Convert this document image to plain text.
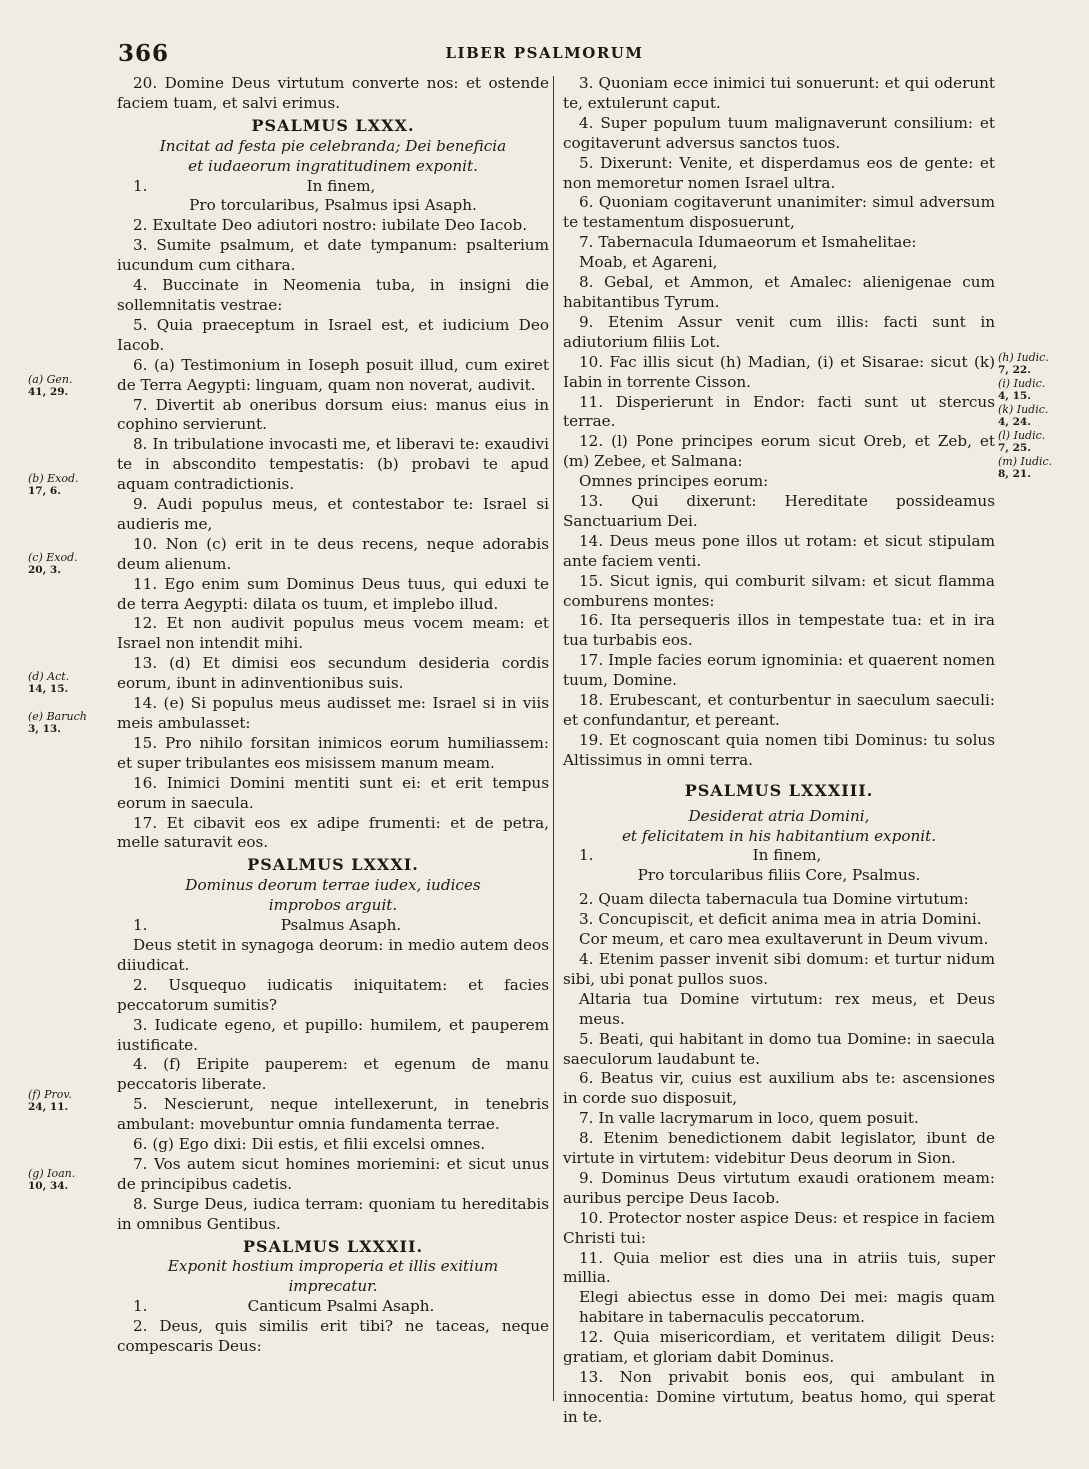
366	LIBER PSALMORUM

20. Domine Deus virtutum converte nos: et ostende faciem tuam, et salvi erimus.

PSALMUS LXXX.

Incitat ad festa pie celebranda; Dei beneficia

et iudaeorum ingratitudinem exponit.

1.	In finem,

Pro torcularibus, Psalmus ipsi Asaph.

2. Exultate Deo adiutori nostro: iubilate Deo Iacob.

3. Sumite psalmum, et date tympanum: psalterium iucundum cum cithara.

4. Buccinate in Neomenia tuba, in insigni die sollemnitatis vestrae:

5. Quia praeceptum in Israel est, et iudicium Deo Iacob.

6. (a) Testimonium in Ioseph posuit illud, cum exiret de Terra Aegypti: linguam, quam non noverat, audivit.

7. Divertit ab oneribus dorsum eius: manus eius in cophino servierunt.

8. In tribulatione invocasti me, et liberavi te: exaudivi te in abscondito tempestatis: (b) probavi te apud aquam contradictionis.

9. Audi populus meus, et contestabor te: Israel si audieris me,

10. Non (c) erit in te deus recens, neque adorabis deum alienum.

11. Ego enim sum Dominus Deus tuus, qui eduxi te de terra Aegypti: dilata os tuum, et implebo illud.

12. Et non audivit populus meus vocem meam: et Israel non intendit mihi.

13. (d) Et dimisi eos secundum desideria cordis eorum, ibunt in adinventionibus suis.

14. (e) Si populus meus audisset me: Israel si in viis meis ambulasset:

15. Pro nihilo forsitan inimicos eorum humiliassem: et super tribulantes eos misissem manum meam.

16. Inimici Domini mentiti sunt ei: et erit tempus eorum in saecula.

17. Et cibavit eos ex adipe frumenti: et de petra, melle saturavit eos.

PSALMUS LXXXI.

Dominus deorum terrae iudex, iudices

improbos arguit.

1.	Psalmus Asaph.

Deus stetit in synagoga deorum: in medio autem deos diiudicat.

2. Usquequo iudicatis iniquitatem: et facies peccatorum sumitis?

3. Iudicate egeno, et pupillo: humilem, et pauperem iustificate.

4. (f) Eripite pauperem: et egenum de manu peccatoris liberate.

5. Nescierunt, neque intellexerunt, in tenebris ambulant: movebuntur omnia fundamenta terrae.

6. (g) Ego dixi: Dii estis, et filii excelsi omnes.

7. Vos autem sicut homines moriemini: et sicut unus de principibus cadetis.

8. Surge Deus, iudica terram: quoniam tu hereditabis in omnibus Gentibus.

PSALMUS LXXXII.

Exponit hostium improperia et illis exitium

imprecatur.

1.	Canticum Psalmi Asaph.

2. Deus, quis similis erit tibi? ne taceas, neque compescaris Deus:

3. Quoniam ecce inimici tui sonuerunt: et qui oderunt te, extulerunt caput.

4. Super populum tuum malignaverunt consilium: et cogitaverunt adversus sanctos tuos.

5. Dixerunt: Venite, et disperdamus eos de gente: et non memoretur nomen Israel ultra.

6. Quoniam cogitaverunt unanimiter: simul adversum te testamentum disposuerunt,

7. Tabernacula Idumaeorum et Ismahelitae:

Moab, et Agareni,

8. Gebal, et Ammon, et Amalec: alienigenae cum habitantibus Tyrum.

9. Etenim Assur venit cum illis: facti sunt in adiutorium filiis Lot.

10. Fac illis sicut (h) Madian, (i) et Sisarae: sicut (k) Iabin in torrente Cisson.

11. Disperierunt in Endor: facti sunt ut stercus terrae.

12. (l) Pone principes eorum sicut Oreb, et Zeb, et (m) Zebee, et Salmana:

Omnes principes eorum:

13. Qui dixerunt: Hereditate possideamus Sanctuarium Dei.

14. Deus meus pone illos ut rotam: et sicut stipulam ante faciem venti.

15. Sicut ignis, qui comburit silvam: et sicut flamma comburens montes:

16. Ita persequeris illos in tempestate tua: et in ira tua turbabis eos.

17. Imple facies eorum ignominia: et quaerent nomen tuum, Domine.

18. Erubescant, et conturbentur in saeculum saeculi: et confundantur, et pereant.

19. Et cognoscant quia nomen tibi Dominus: tu solus Altissimus in omni terra.

PSALMUS LXXXIII.

Desiderat atria Domini,

et felicitatem in his habitantium exponit.

1.	In finem,

Pro torcularibus filiis Core, Psalmus.

2. Quam dilecta tabernacula tua Domine virtutum:

3. Concupiscit, et deficit anima mea in atria Domini.

Cor meum, et caro mea exultaverunt in Deum vivum.

4. Etenim passer invenit sibi domum: et turtur nidum sibi, ubi ponat pullos suos.

Altaria tua Domine virtutum: rex meus, et Deus meus.

5. Beati, qui habitant in domo tua Domine: in saecula saeculorum laudabunt te.

6. Beatus vir, cuius est auxilium abs te: ascensiones in corde suo disposuit,

7. In valle lacrymarum in loco, quem posuit.

8. Etenim benedictionem dabit legislator, ibunt de virtute in virtutem: videbitur Deus deorum in Sion.

9. Dominus Deus virtutum exaudi orationem meam: auribus percipe Deus Iacob.

10. Protector noster aspice Deus: et respice in faciem Christi tui:

11. Quia melior est dies una in atriis tuis, super millia.

Elegi abiectus esse in domo Dei mei: magis quam habitare in tabernaculis peccatorum.

12. Quia misericordiam, et veritatem diligit Deus: gratiam, et gloriam dabit Dominus.

13. Non privabit bonis eos, qui ambulant in innocentia: Domine virtutum, beatus homo, qui sperat in te.

(a) Gen.
41, 29.
(b) Exod.
17, 6.
(c) Exod.
20, 3.
(d) Act.
14, 15.
(e) Baruch
3, 13.
(f) Prov.
24, 11.
(g) Ioan.
10, 34.
(h) Iudic.
7, 22.
(i) Iudic.
4, 15.
(k) Iudic.
4, 24.
(l) Iudic.
7, 25.
(m) Iudic.
8, 21.
